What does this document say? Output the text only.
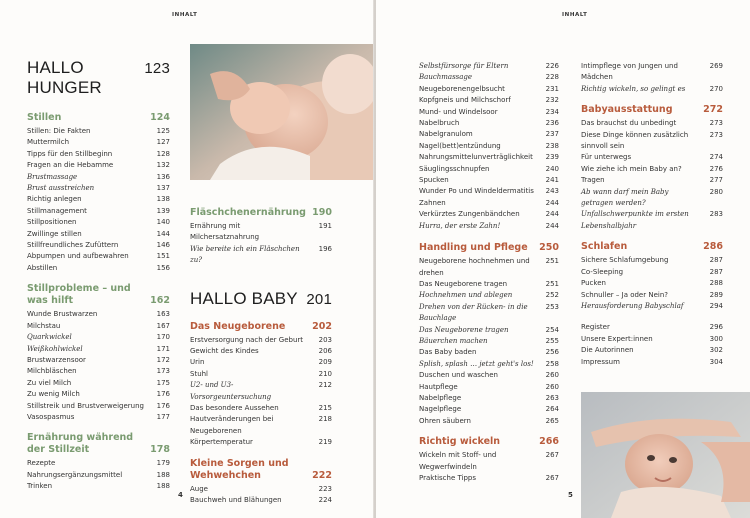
INHALT
HALLO HUNGER
123
Stillen	124
Stillen: Die Fakten	125
Muttermilch	127
Tipps für den Stillbeginn	128
Fragen an die Hebamme	132
Brustmassage	136
Brust ausstreichen	137
Richtig anlegen	138
Stillmanagement	139
Stillpositionen	140
Zwillinge stillen	144
Stillfreundliches Zufüttern	146
Abpumpen und aufbewahren	151
Abstillen	156
Stillprobleme – und was hilft	162
Wunde Brustwarzen	163
Milchstau	167
Quarkwickel	170
Weißkohlwickel	171
Brustwarzensoor	172
Milchbläschen	173
Zu viel Milch	175
Zu wenig Milch	176
Stillstreik und Brustverweigerung	176
Vasospasmus	177
Ernährung während der Stillzeit	178
Rezepte	179
Nahrungsergänzungsmittel	188
Trinken	188
Fläschchenernährung 190
Ernährung mit Milchersatznahrung
191
Wie bereite ich ein Fläschchen zu?
196
HALLO BABY 201
Das Neugeborene	202
Erstversorgung nach der Geburt	203
Gewicht des Kindes	206
Urin	209
Stuhl	210
U2- und U3-Vorsorgeuntersuchung
212
Das besondere Aussehen	215
Hautveränderungen bei Neugeborenen
218
Körpertemperatur	219
Kleine Sorgen und Wehwehchen	222
Auge	223
Bauchweh und Blähungen	224
4
INHALT
Selbstfürsorge für Eltern	226
Bauchmassage	228
Neugeborenengelbsucht	231
Kopfgneis und Milchschorf	232
Mund- und Windelsoor	234
Nabelbruch	236
Nabelgranulom	237
Nagel(bett)entzündung	238
Nahrungsmittelunverträglichkeit	239
Säuglingsschnupfen	240
Spucken	241
Wunder Po und Windeldermatitis	243
Zahnen	244
Verkürztes Zungenbändchen	244
Hurra, der erste Zahn!	244
Handling und Pflege	250
Neugeborene hochnehmen und drehen
251
Das Neugeborene tragen	251
Hochnehmen und ablegen	252
Drehen von der Rücken- in die Bauchlage
253
Das Neugeborene tragen	254
Bäuerchen machen	255
Das Baby baden	256
Splish, splash … jetzt geht's los!	258
Duschen und waschen	260
Hautpflege	260
Nabelpflege	263
Nagelpflege	264
Ohren säubern	265
Richtig wickeln	266
Wickeln mit Stoff- und Wegwerfwindeln
267
Praktische Tipps	267
Intimpflege von Jungen und Mädchen
269
Richtig wickeln, so gelingt es	270
Babyausstattung	272
Das brauchst du unbedingt	273
Diese Dinge können zusätzlich sinnvoll sein
273
Für unterwegs	274
Wie ziehe ich mein Baby an?	276
Tragen	277
Ab wann darf mein Baby getragen werden?
280
Unfallschwerpunkte im ersten Lebenshalbjahr
283
Schlafen	286
Sichere Schlafumgebung	287
Co-Sleeping	287
Pucken	288
Schnuller – Ja oder Nein?	289
Herausforderung Babyschlaf	294
Register	296
Unsere Expert:innen	300
Die Autorinnen	302
Impressum	304
5
